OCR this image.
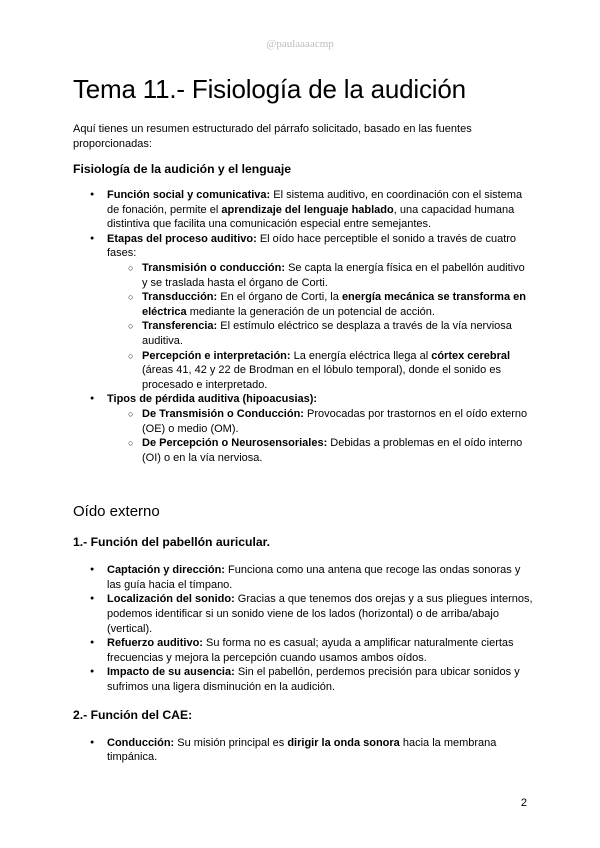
@paulaaaacmp
Tema 11.- Fisiología de la audición

Aquí tienes un resumen estructurado del párrafo solicitado, basado en las fuentes proporcionadas:

Fisiología de la audición y el lenguaje
● Función social y comunicativa: El sistema auditivo, en coordinación con el sistema de fonación, permite el aprendizaje del lenguaje hablado, una capacidad humana distintiva que facilita una comunicación especial entre semejantes.
● Etapas del proceso auditivo: El oído hace perceptible el sonido a través de cuatro fases:
○ Transmisión o conducción: Se capta la energía física en el pabellón auditivo y se traslada hasta el órgano de Corti.
○ Transducción: En el órgano de Corti, la energía mecánica se transforma en eléctrica mediante la generación de un potencial de acción.
○ Transferencia: El estímulo eléctrico se desplaza a través de la vía nerviosa auditiva.
○ Percepción e interpretación: La energía eléctrica llega al córtex cerebral (áreas 41, 42 y 22 de Brodman en el lóbulo temporal), donde el sonido es procesado e interpretado.
● Tipos de pérdida auditiva (hipoacusias):
○ De Transmisión o Conducción: Provocadas por trastornos en el oído externo (OE) o medio (OM).
○ De Percepción o Neurosensoriales: Debidas a problemas en el oído interno (OI) o en la vía nerviosa.
Oído externo
1.- Función del pabellón auricular.
● Captación y dirección: Funciona como una antena que recoge las ondas sonoras y las guía hacia el tímpano.
● Localización del sonido: Gracias a que tenemos dos orejas y a sus pliegues internos, podemos identificar si un sonido viene de los lados (horizontal) o de arriba/abajo (vertical).
● Refuerzo auditivo: Su forma no es casual; ayuda a amplificar naturalmente ciertas frecuencias y mejora la percepción cuando usamos ambos oídos.
● Impacto de su ausencia: Sin el pabellón, perdemos precisión para ubicar sonidos y sufrimos una ligera disminución en la audición.
2.- Función del CAE:
● Conducción: Su misión principal es dirigir la onda sonora hacia la membrana timpánica.
2
